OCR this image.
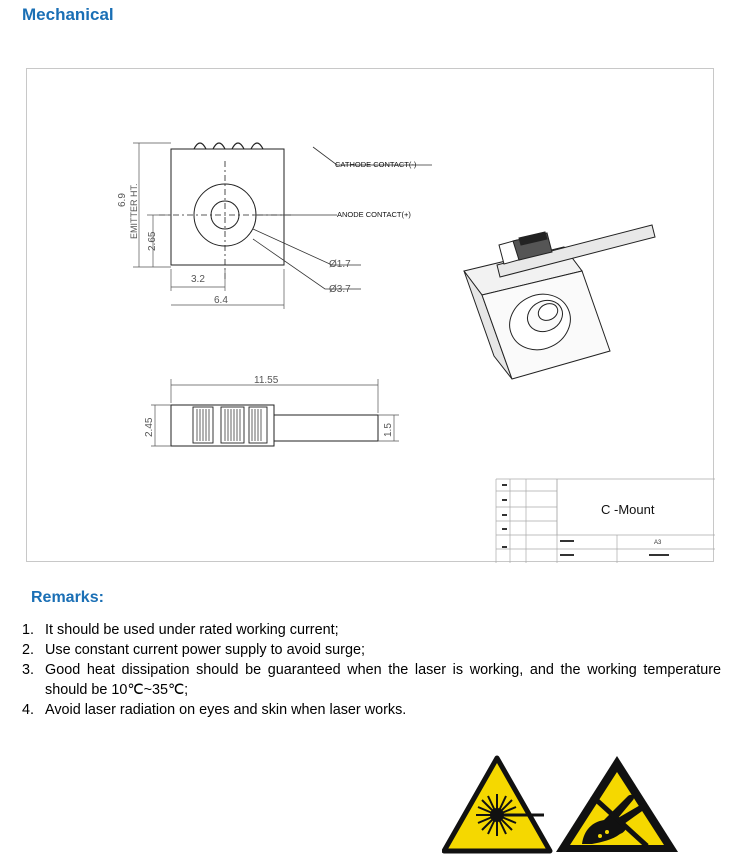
Mechanical
CATHODE CONTACT(-)
ANODE CONTACT(+)
Ø1.7
Ø3.7
6.9 EMITTER HT.
2.65
3.2
6.4
11.55
2.45	1.5
A3
C -Mount
Remarks:
1. It should be used under rated working current;
2. Use constant current power supply to avoid surge;
3. Good heat dissipation should be guaranteed when the laser is working, and the working temperature should be 10℃~35℃;
4. Avoid laser radiation on eyes and skin when laser works.
